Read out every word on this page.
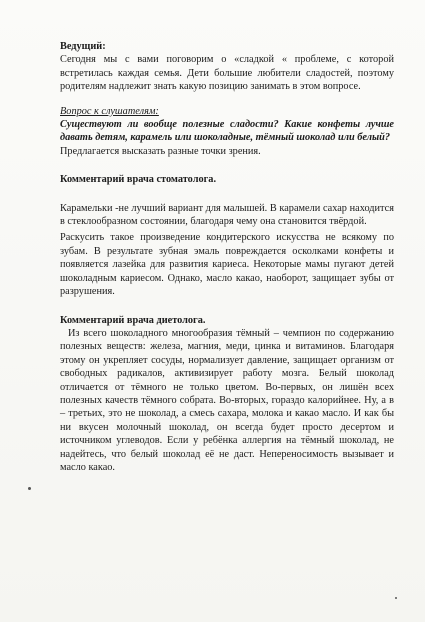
Ведущий:

Сегодня мы с вами поговорим о «сладкой « проблеме, с которой встретилась каждая семья. Дети большие любители сладостей, поэтому родителям надлежит знать какую позицию занимать в этом вопросе.

Вопрос к слушателям:

Существуют ли вообще полезные сладости? Какие конфеты лучше давать детям, карамель или шоколадные, тёмный шоколад или белый?

Предлагается высказать разные точки зрения.

Комментарий врача стоматолога.

Карамельки -не лучший вариант для малышей. В карамели сахар находится в стеклообразном состоянии, благодаря чему она становится твёрдой.

Раскусить такое произведение кондитерского искусства не всякому по зубам. В результате зубная эмаль повреждается осколками конфеты и появляется лазейка для развития кариеса. Некоторые мамы пугают детей шоколадным кариесом. Однако, масло какао, наоборот, защищает зубы от разрушения.

Комментарий врача диетолога.

Из всего шоколадного многообразия тёмный – чемпион по содержанию полезных веществ: железа, магния, меди, цинка и витаминов. Благодаря этому он укрепляет сосуды, нормализует давление, защищает организм от свободных радикалов, активизирует работу мозга. Белый шоколад отличается от тёмного не только цветом. Во-первых, он лишён всех полезных качеств тёмного собрата. Во-вторых, гораздо калорийнее. Ну, а в – третьих, это не шоколад, а смесь сахара, молока и какао масло. И как бы ни вкусен молочный шоколад, он всегда будет просто десертом и источником углеводов. Если у ребёнка аллергия на тёмный шоколад, не надейтесь, что белый шоколад её не даст. Непереносимость вызывает и масло какао.
